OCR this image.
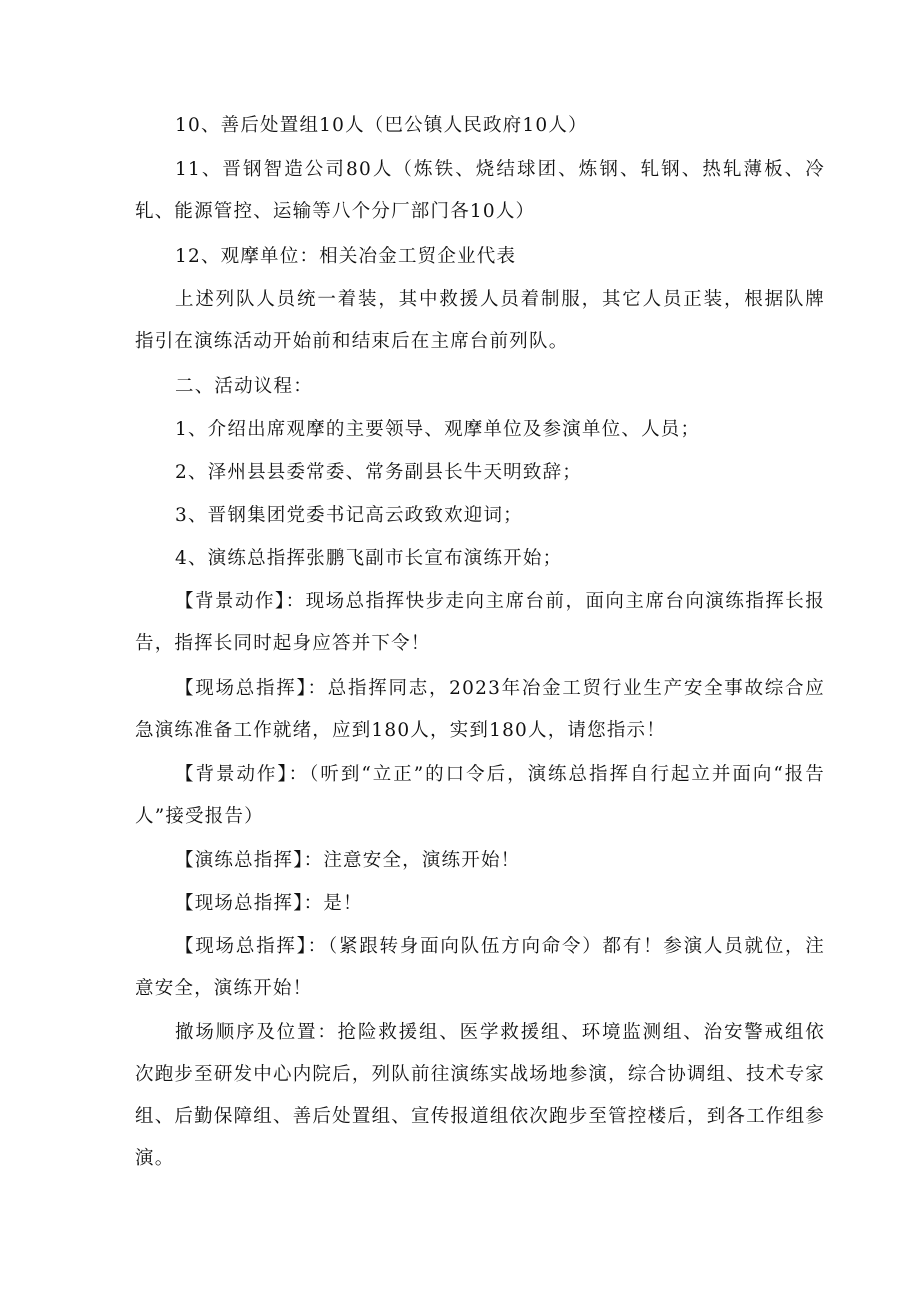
10、善后处置组10人（巴公镇人民政府10人）

11、晋钢智造公司80人（炼铁、烧结球团、炼钢、轧钢、热轧薄板、冷轧、能源管控、运输等八个分厂部门各10人）

12、观摩单位：相关冶金工贸企业代表

上述列队人员统一着装，其中救援人员着制服，其它人员正装，根据队牌指引在演练活动开始前和结束后在主席台前列队。

二、活动议程：

1、介绍出席观摩的主要领导、观摩单位及参演单位、人员；

2、泽州县县委常委、常务副县长牛天明致辞；

3、晋钢集团党委书记高云政致欢迎词；

4、演练总指挥张鹏飞副市长宣布演练开始；

【背景动作】：现场总指挥快步走向主席台前，面向主席台向演练指挥长报告，指挥长同时起身应答并下令！

【现场总指挥】：总指挥同志，2023年冶金工贸行业生产安全事故综合应急演练准备工作就绪，应到180人，实到180人，请您指示！

【背景动作】：（听到“立正”的口令后，演练总指挥自行起立并面向“报告人”接受报告）

【演练总指挥】：注意安全，演练开始！

【现场总指挥】：是！

【现场总指挥】：（紧跟转身面向队伍方向命令）都有！参演人员就位，注意安全，演练开始！

撤场顺序及位置：抢险救援组、医学救援组、环境监测组、治安警戒组依次跑步至研发中心内院后，列队前往演练实战场地参演，综合协调组、技术专家组、后勤保障组、善后处置组、宣传报道组依次跑步至管控楼后，到各工作组参演。
